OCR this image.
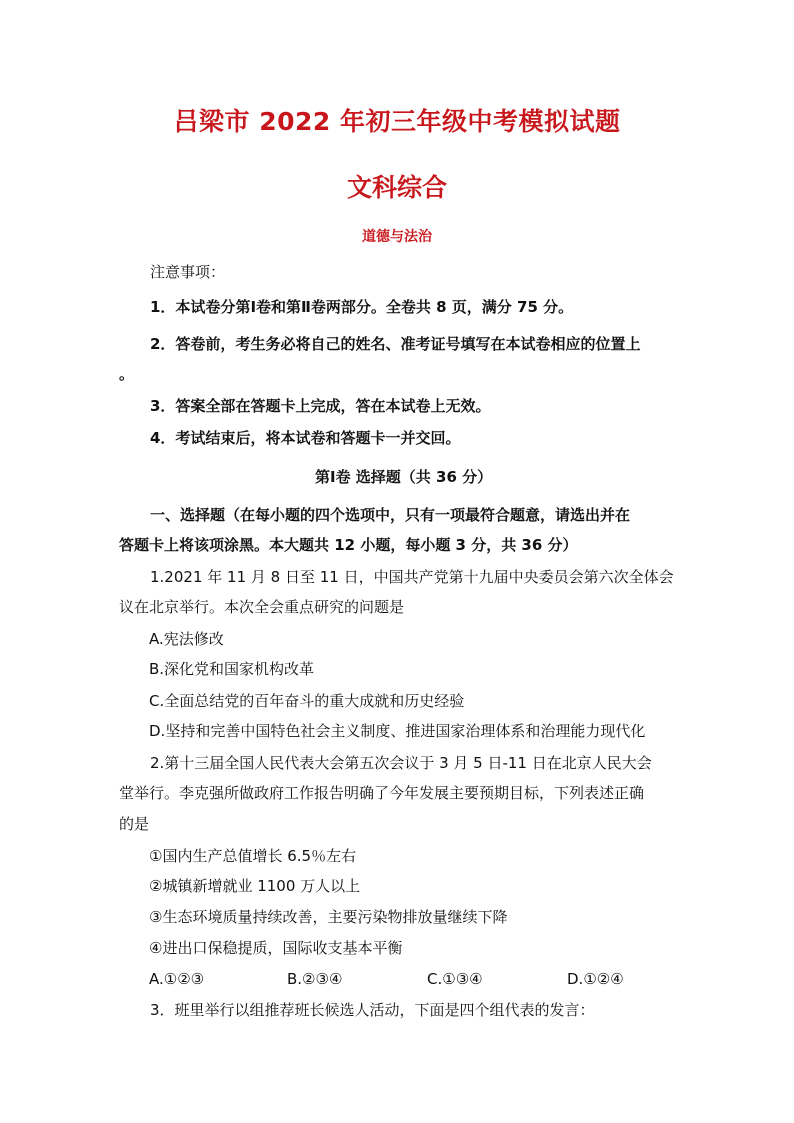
吕梁市 2022 年初三年级中考模拟试题
文科综合
道德与法治
注意事项：
1．本试卷分第Ⅰ卷和第Ⅱ卷两部分。全卷共 8 页，满分 75 分。
2．答卷前，考生务必将自己的姓名、准考证号填写在本试卷相应的位置上
。
3．答案全部在答题卡上完成，答在本试卷上无效。
4．考试结束后，将本试卷和答题卡一并交回。
第Ⅰ卷 选择题（共 36 分）
一、选择题（在每小题的四个选项中，只有一项最符合题意，请选出并在
答题卡上将该项涂黑。本大题共 12 小题，每小题 3 分，共 36 分）
1.2021 年 11 月 8 日至 11 日，中国共产党第十九届中央委员会第六次全体会
议在北京举行。本次全会重点研究的问题是
A.宪法修改
B.深化党和国家机构改革
C.全面总结党的百年奋斗的重大成就和历史经验
D.坚持和完善中国特色社会主义制度、推进国家治理体系和治理能力现代化
2.第十三届全国人民代表大会第五次会议于 3 月 5 日-11 日在北京人民大会
堂举行。李克强所做政府工作报告明确了今年发展主要预期目标，下列表述正确
的是
①国内生产总值增长 6.5％左右
②城镇新增就业 1100 万人以上
③生态环境质量持续改善，主要污染物排放量继续下降
④进出口保稳提质，国际收支基本平衡
A.①②③	B.②③④	C.①③④	D.①②④
3．班里举行以组推荐班长候选人活动，下面是四个组代表的发言：
